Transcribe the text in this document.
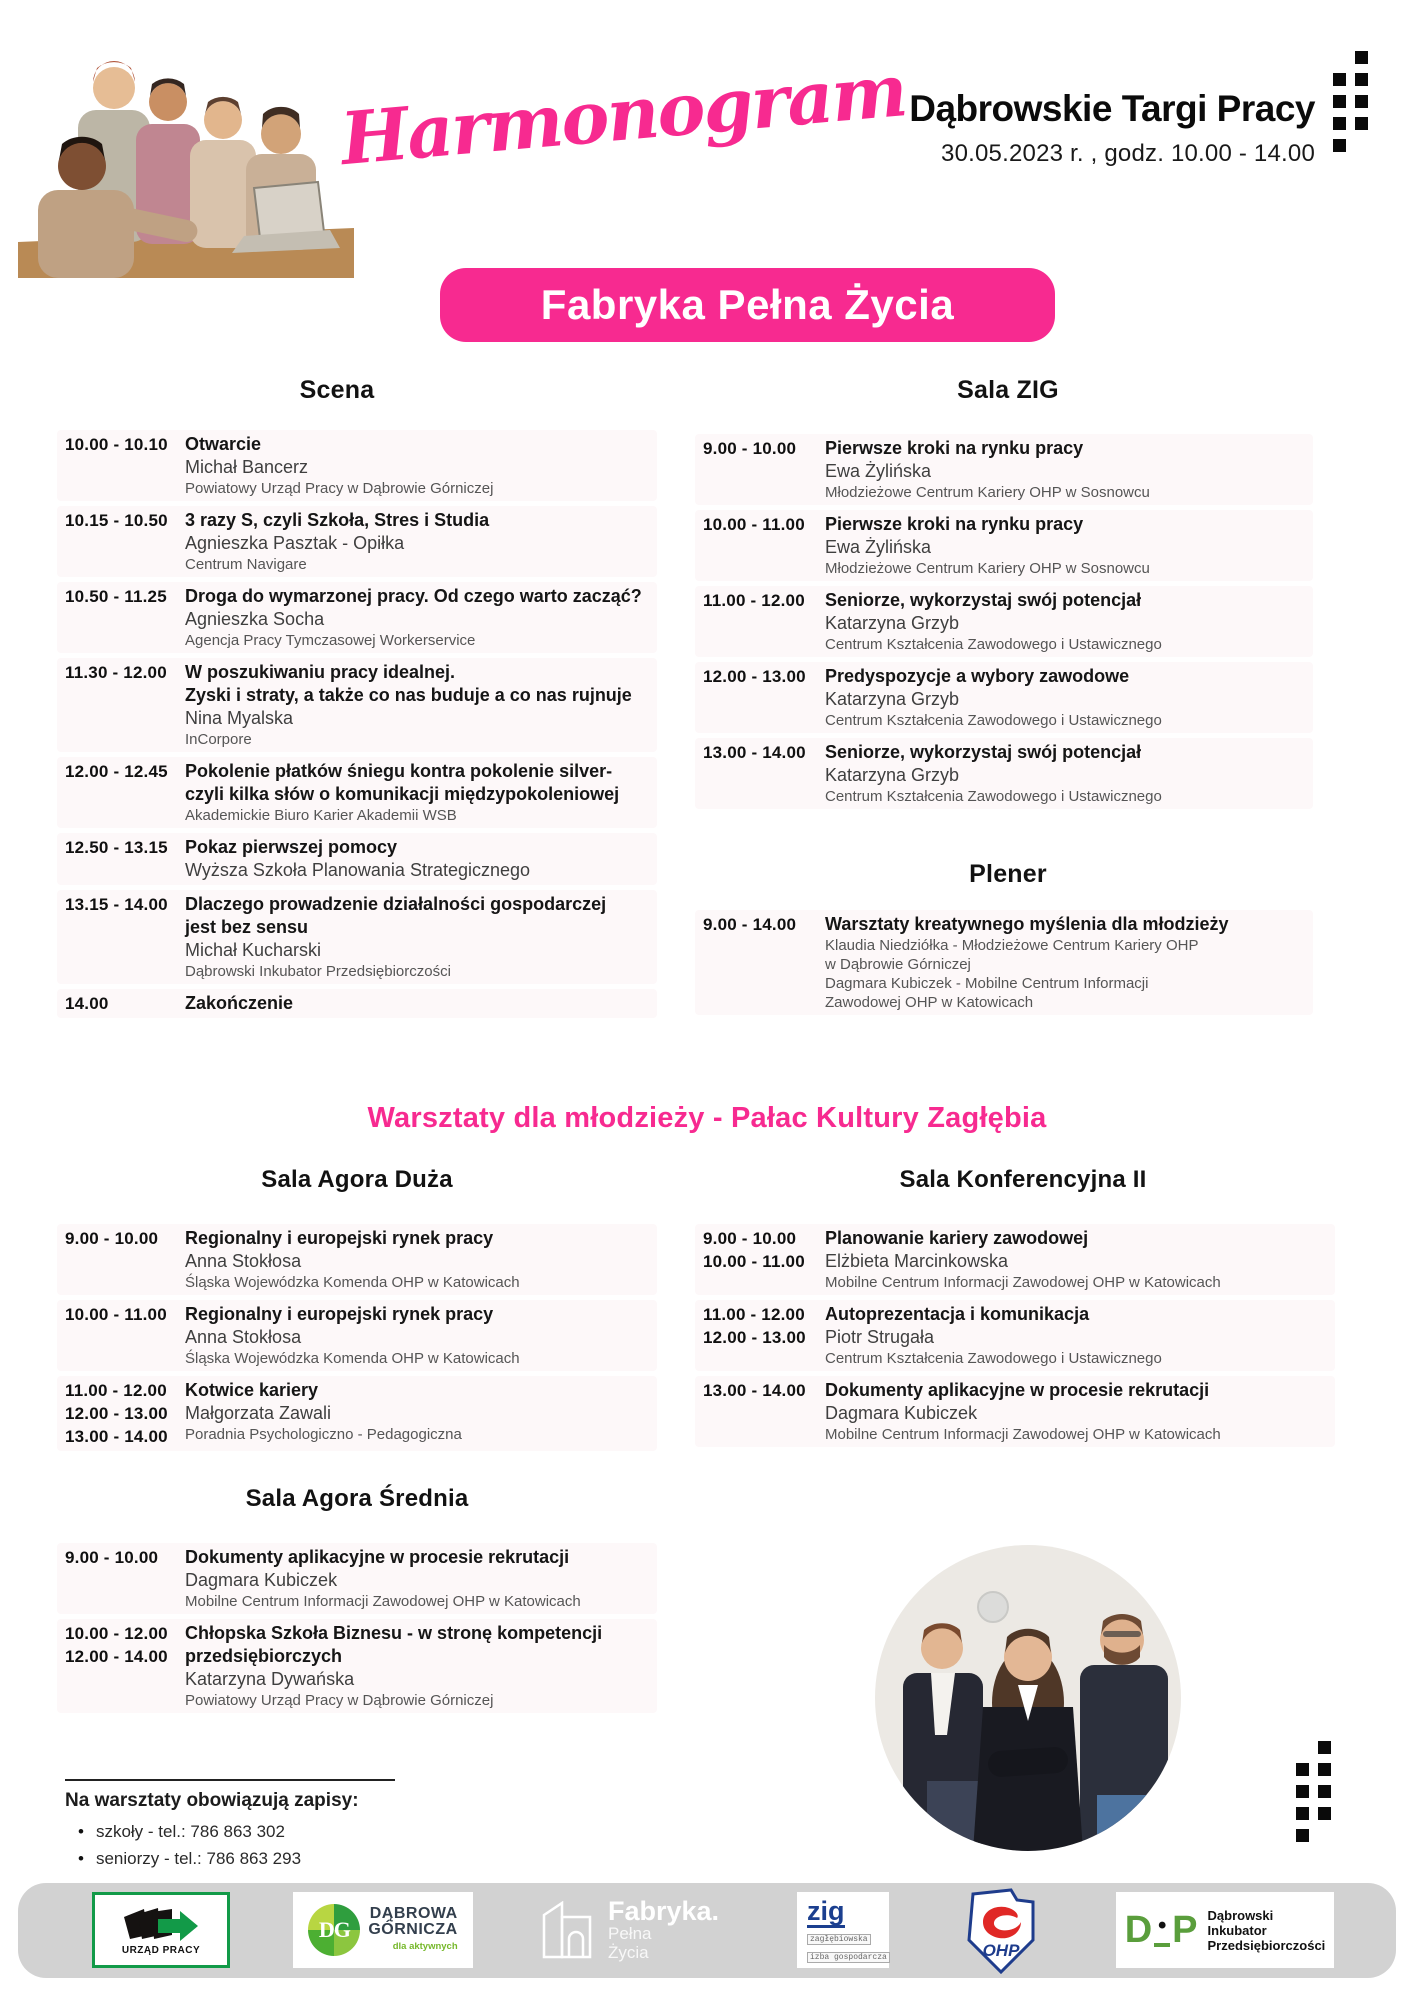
Harmonogram Dąbrowskie Targi Pracy
30.05.2023 r. , godz. 10.00 - 14.00
Fabryka Pełna Życia
Scena	Sala ZIG
Plener
10.00 - 10.10 Otwarcie
Michał Bancerz
Powiatowy Urząd Pracy w Dąbrowie Górniczej
10.15 - 10.50 3 razy S, czyli Szkoła, Stres i Studia
Agnieszka Pasztak - Opiłka
Centrum Navigare
10.50 - 11.25	Droga do wymarzonej pracy. Od czego warto zacząć?
Agnieszka Socha
Agencja Pracy Tymczasowej Workerservice
11.30 - 12.00	W poszukiwaniu pracy idealnej.
Zyski i straty, a także co nas buduje a co nas rujnuje
Nina Myalska
InCorpore
12.00 - 12.45 Pokolenie płatków śniegu kontra pokolenie silver-
czyli kilka słów o komunikacji międzypokoleniowej
Akademickie Biuro Karier Akademii WSB
12.50 - 13.15 Pokaz pierwszej pomocy
Wyższa Szkoła Planowania Strategicznego
13.15 - 14.00 Dlaczego prowadzenie działalności gospodarczej
jest bez sensu
Michał Kucharski
Dąbrowski Inkubator Przedsiębiorczości
14.00	Zakończenie
9.00 - 10.00	Pierwsze kroki na rynku pracy
Ewa Żylińska
Młodzieżowe Centrum Kariery OHP w Sosnowcu
10.00 - 11.00	Pierwsze kroki na rynku pracy
Ewa Żylińska
Młodzieżowe Centrum Kariery OHP w Sosnowcu
11.00 - 12.00	Seniorze, wykorzystaj swój potencjał
Katarzyna Grzyb
Centrum Kształcenia Zawodowego i Ustawicznego
12.00 - 13.00	Predyspozycje a wybory zawodowe
Katarzyna Grzyb
Centrum Kształcenia Zawodowego i Ustawicznego
13.00 - 14.00	Seniorze, wykorzystaj swój potencjał
Katarzyna Grzyb
Centrum Kształcenia Zawodowego i Ustawicznego
9.00 - 14.00	Warsztaty kreatywnego myślenia dla młodzieży
Klaudia Niedziółka - Młodzieżowe Centrum Kariery OHP
w Dąbrowie Górniczej
Dagmara Kubiczek - Mobilne Centrum Informacji
Zawodowej OHP w Katowicach
Warsztaty dla młodzieży - Pałac Kultury Zagłębia
Sala Agora Duża	Sala Konferencyjna II
9.00 - 10.00	Regionalny i europejski rynek pracy
Anna Stokłosa
Śląska Wojewódzka Komenda OHP w Katowicach
10.00 - 11.00	Regionalny i europejski rynek pracy
Anna Stokłosa
Śląska Wojewódzka Komenda OHP w Katowicach
11.00 - 12.00
12.00 - 13.00
13.00 - 14.00
Kotwice kariery
Małgorzata Zawali
Poradnia Psychologiczno - Pedagogiczna
9.00 - 10.00
10.00 - 11.00
Planowanie kariery zawodowej
Elżbieta Marcinkowska
Mobilne Centrum Informacji Zawodowej OHP w Katowicach
11.00 - 12.00
12.00 - 13.00
Autoprezentacja i komunikacja
Piotr Strugała
Centrum Kształcenia Zawodowego i Ustawicznego
13.00 - 14.00	Dokumenty aplikacyjne w procesie rekrutacji
Dagmara Kubiczek
Mobilne Centrum Informacji Zawodowej OHP w Katowicach
Sala Agora Średnia
9.00 - 10.00	Dokumenty aplikacyjne w procesie rekrutacji
Dagmara Kubiczek
Mobilne Centrum Informacji Zawodowej OHP w Katowicach
10.00 - 12.00
12.00 - 14.00
Chłopska Szkoła Biznesu - w stronę kompetencji
przedsiębiorczych
Katarzyna Dywańska
Powiatowy Urząd Pracy w Dąbrowie Górniczej
Na warsztaty obowiązują zapisy:
• szkoły - tel.: 786 863 302
• seniorzy - tel.: 786 863 293
URZĄD PRACY
DG
DĄBROWA
GÓRNICZA
dla aktywnych
Fabryka.
Pełna
Życia
zig
zagłębiowska
izba gospodarcza	OHP	D • P Dąbrowski
Inkubator
Przedsiębiorczości
